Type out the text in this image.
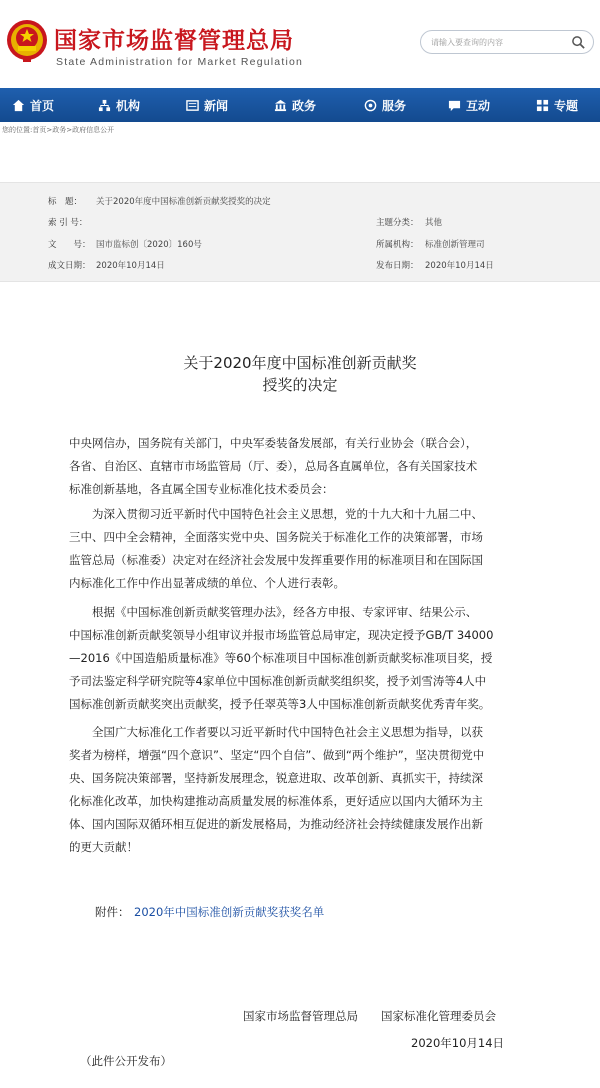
国家市场监督管理总局
State Administration for Market Regulation
请输入要查询的内容
首页	机构	新闻	政务	服务	互动	专题
您的位置:首页>政务>政府信息公开
标　题： 关于2020年度中国标准创新贡献奖授奖的决定
索 引 号：	主题分类： 其他
文　　号： 国市监标创〔2020〕160号	所属机构： 标准创新管理司
成文日期： 2020年10月14日	发布日期： 2020年10月14日
关于2020年度中国标准创新贡献奖
授奖的决定
中央网信办，国务院有关部门，中央军委装备发展部，有关行业协会（联合会），
各省、自治区、直辖市市场监管局（厅、委），总局各直属单位，各有关国家技术
标准创新基地，各直属全国专业标准化技术委员会：
为深入贯彻习近平新时代中国特色社会主义思想，党的十九大和十九届二中、
三中、四中全会精神，全面落实党中央、国务院关于标准化工作的决策部署，市场
监管总局（标准委）决定对在经济社会发展中发挥重要作用的标准项目和在国际国
内标准化工作中作出显著成绩的单位、个人进行表彰。
根据《中国标准创新贡献奖管理办法》，经各方申报、专家评审、结果公示、
中国标准创新贡献奖领导小组审议并报市场监管总局审定，现决定授予GB/T 34000
—2016《中国造船质量标准》等60个标准项目中国标准创新贡献奖标准项目奖，授
予司法鉴定科学研究院等4家单位中国标准创新贡献奖组织奖，授予刘雪涛等4人中
国标准创新贡献奖突出贡献奖，授予任翠英等3人中国标准创新贡献奖优秀青年奖。
全国广大标准化工作者要以习近平新时代中国特色社会主义思想为指导，以获
奖者为榜样，增强“四个意识”、坚定“四个自信”、做到“两个维护”，坚决贯彻党中
央、国务院决策部署，坚持新发展理念，锐意进取、改革创新、真抓实干，持续深
化标准化改革，加快构建推动高质量发展的标准体系，更好适应以国内大循环为主
体、国内国际双循环相互促进的新发展格局，为推动经济社会持续健康发展作出新
的更大贡献！
附件： 2020年中国标准创新贡献奖获奖名单
国家市场监督管理总局　　国家标准化管理委员会
2020年10月14日
（此件公开发布）
